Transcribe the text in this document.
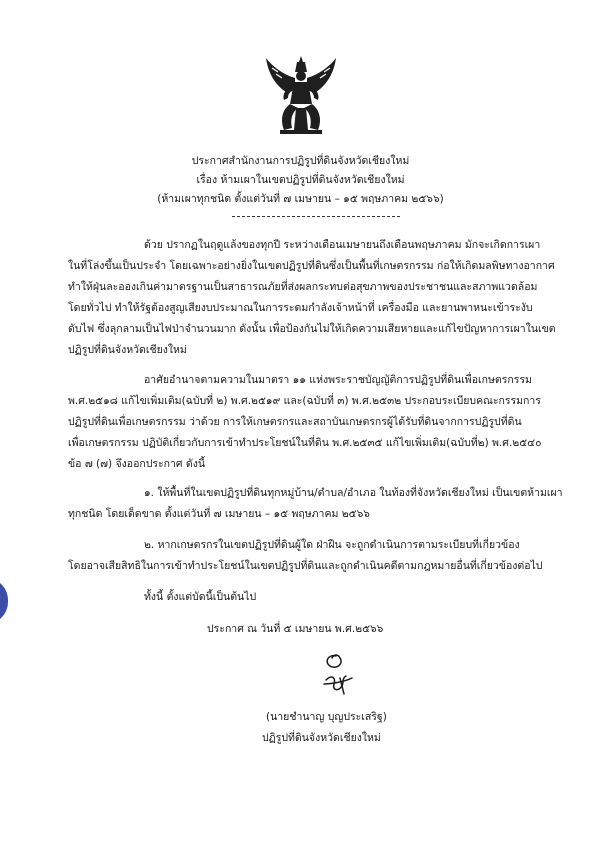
ประกาศสำนักงานการปฏิรูปที่ดินจังหวัดเชียงใหม่
เรื่อง ห้ามเผาในเขตปฏิรูปที่ดินจังหวัดเชียงใหม่
(ห้ามเผาทุกชนิด ตั้งแต่วันที่ ๗ เมษายน – ๑๕ พฤษภาคม ๒๕๖๖)
ด้วย ปรากฏในฤดูแล้งของทุกปี ระหว่างเดือนเมษายนถึงเดือนพฤษภาคม มักจะเกิดการเผา
ในที่โล่งขึ้นเป็นประจำ โดยเฉพาะอย่างยิ่งในเขตปฏิรูปที่ดินซึ่งเป็นพื้นที่เกษตรกรรม ก่อให้เกิดมลพิษทางอากาศ
ทำให้ฝุ่นละอองเกินค่ามาตรฐานเป็นสาธารณภัยที่ส่งผลกระทบต่อสุขภาพของประชาชนและสภาพแวดล้อม
โดยทั่วไป ทำให้รัฐต้องสูญเสียงบประมาณในการระดมกำลังเจ้าหน้าที่ เครื่องมือ และยานพาหนะเข้าระงับ
ดับไฟ ซึ่งลุกลามเป็นไฟป่าจำนวนมาก ดังนั้น เพื่อป้องกันไม่ให้เกิดความเสียหายและแก้ไขปัญหาการเผาในเขต
ปฏิรูปที่ดินจังหวัดเชียงใหม่
อาศัยอำนาจตามความในมาตรา ๑๑ แห่งพระราชบัญญัติการปฏิรูปที่ดินเพื่อเกษตรกรรม
พ.ศ.๒๕๑๘ แก้ไขเพิ่มเติม(ฉบับที่ ๒) พ.ศ.๒๕๑๙ และ(ฉบับที่ ๓) พ.ศ.๒๕๓๒ ประกอบระเบียบคณะกรรมการ
ปฏิรูปที่ดินเพื่อเกษตรกรรม ว่าด้วย การให้เกษตรกรและสถาบันเกษตรกรผู้ได้รับที่ดินจากการปฏิรูปที่ดิน
เพื่อเกษตรกรรม ปฏิบัติเกี่ยวกับการเข้าทำประโยชน์ในที่ดิน พ.ศ.๒๕๓๕ แก้ไขเพิ่มเติม(ฉบับที่๒) พ.ศ.๒๕๔๐
ข้อ ๗ (๗) จึงออกประกาศ ดังนี้
๑. ให้พื้นที่ในเขตปฏิรูปที่ดินทุกหมู่บ้าน/ตำบล/อำเภอ ในท้องที่จังหวัดเชียงใหม่ เป็นเขตห้ามเผา
ทุกชนิด โดยเด็ดขาด ตั้งแต่วันที่ ๗ เมษายน – ๑๕ พฤษภาคม ๒๕๖๖
๒. หากเกษตรกรในเขตปฏิรูปที่ดินผู้ใด ฝ่าฝืน จะถูกดำเนินการตามระเบียบที่เกี่ยวข้อง
โดยอาจเสียสิทธิในการเข้าทำประโยชน์ในเขตปฏิรูปที่ดินและถูกดำเนินคดีตามกฎหมายอื่นที่เกี่ยวข้องต่อไป
ทั้งนี้ ตั้งแต่บัดนี้เป็นต้นไป
ประกาศ ณ วันที่ ๕ เมษายน พ.ศ.๒๕๖๖
(นายชำนาญ บุญประเสริฐ)
ปฏิรูปที่ดินจังหวัดเชียงใหม่
